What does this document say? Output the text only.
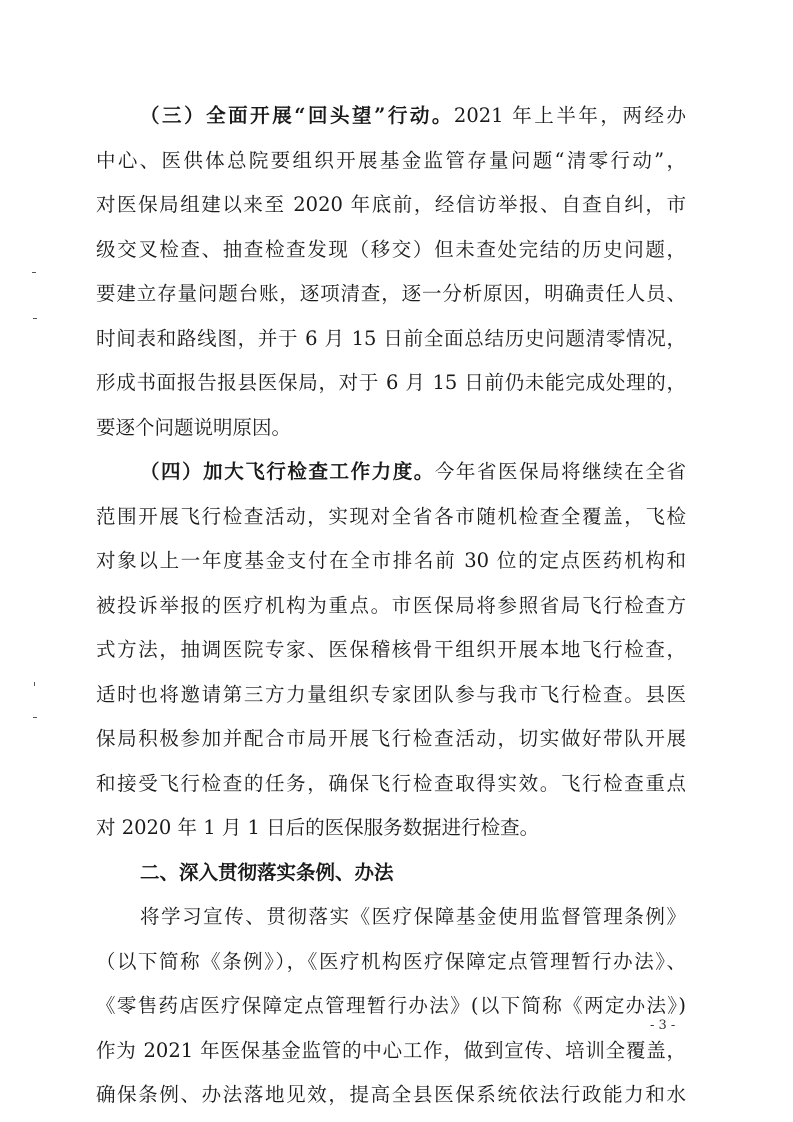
（三）全面开展“回头望”行动。2021 年上半年，两经办
中心、医供体总院要组织开展基金监管存量问题“清零行动”，
对医保局组建以来至 2020 年底前，经信访举报、自查自纠，市
级交叉检查、抽查检查发现（移交）但未查处完结的历史问题，
要建立存量问题台账，逐项清查，逐一分析原因，明确责任人员、
时间表和路线图，并于 6 月 15 日前全面总结历史问题清零情况，
形成书面报告报县医保局，对于 6 月 15 日前仍未能完成处理的，
要逐个问题说明原因。
（四）加大飞行检查工作力度。今年省医保局将继续在全省
范围开展飞行检查活动，实现对全省各市随机检查全覆盖，飞检
对象以上一年度基金支付在全市排名前 30 位的定点医药机构和
被投诉举报的医疗机构为重点。市医保局将参照省局飞行检查方
式方法，抽调医院专家、医保稽核骨干组织开展本地飞行检查，
适时也将邀请第三方力量组织专家团队参与我市飞行检查。县医
保局积极参加并配合市局开展飞行检查活动，切实做好带队开展
和接受飞行检查的任务，确保飞行检查取得实效。飞行检查重点
对 2020 年 1 月 1 日后的医保服务数据进行检查。
二、深入贯彻落实条例、办法
将学习宣传、贯彻落实《医疗保障基金使用监督管理条例》
（以下简称《条例》），《医疗机构医疗保障定点管理暂行办法》、
《零售药店医疗保障定点管理暂行办法》(以下简称《两定办法》)
作为 2021 年医保基金监管的中心工作，做到宣传、培训全覆盖，
确保条例、办法落地见效，提高全县医保系统依法行政能力和水
- 3 -
